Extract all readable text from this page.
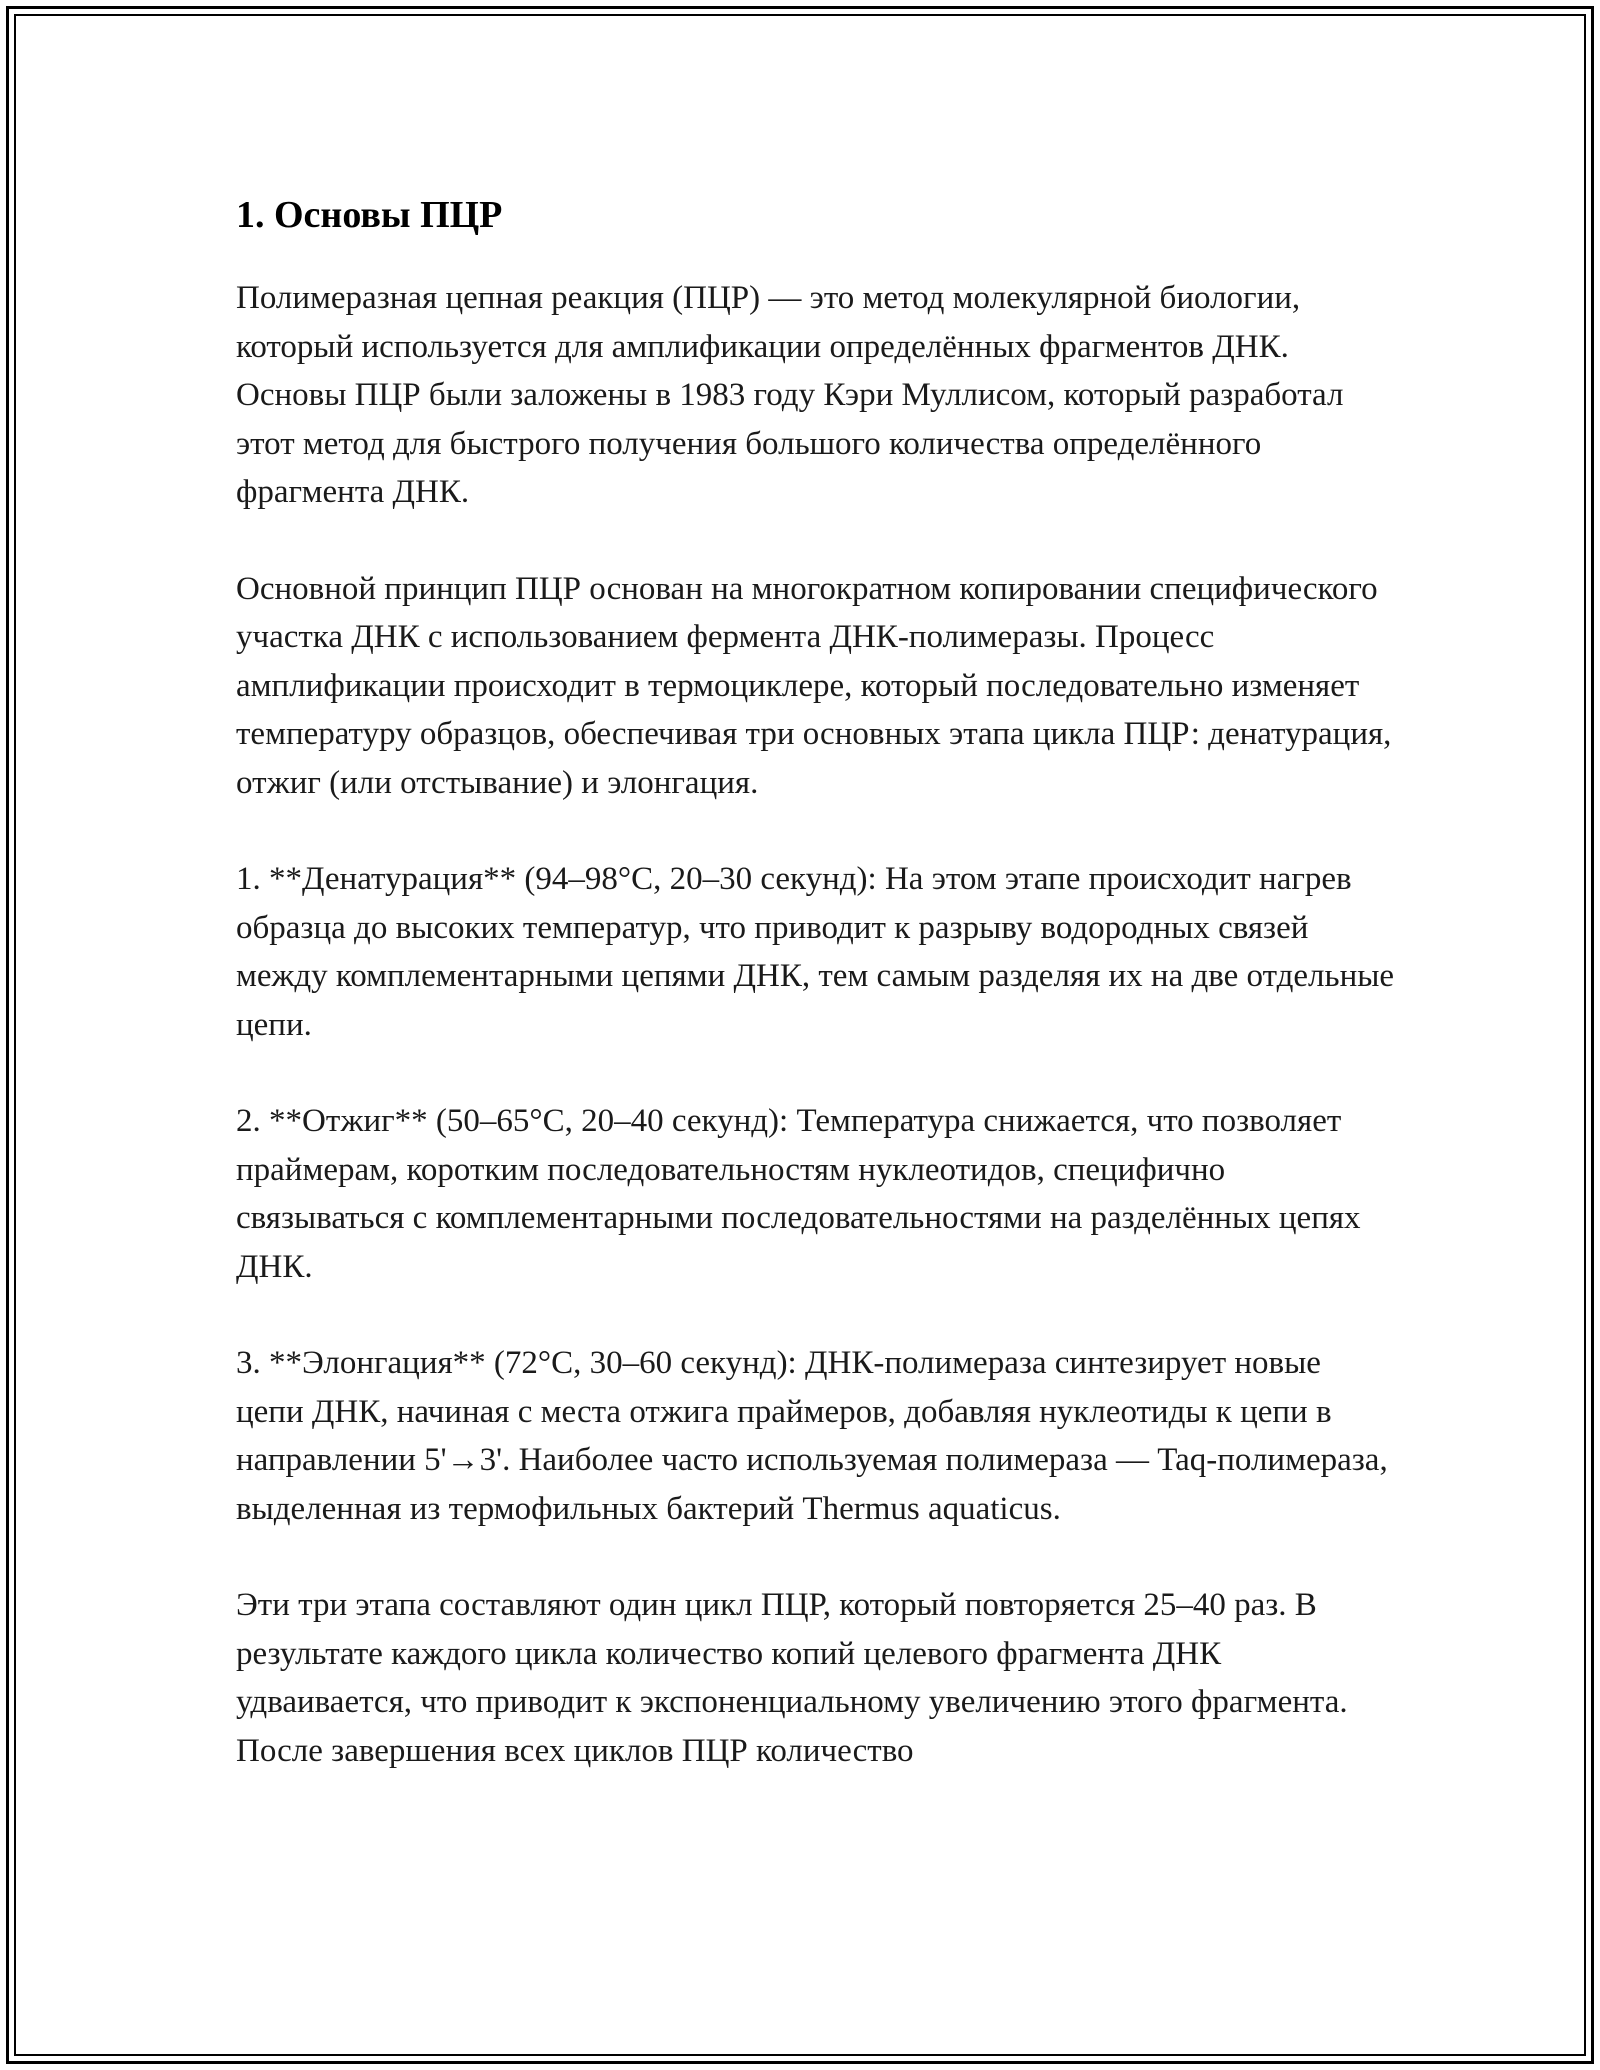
1. Основы ПЦР

Полимеразная цепная реакция (ПЦР) — это метод молекулярной биологии, который используется для амплификации определённых фрагментов ДНК. Основы ПЦР были заложены в 1983 году Кэри Муллисом, который разработал этот метод для быстрого получения большого количества определённого фрагмента ДНК.

Основной принцип ПЦР основан на многократном копировании специфического участка ДНК с использованием фермента ДНК-полимеразы. Процесс амплификации происходит в термоциклере, который последовательно изменяет температуру образцов, обеспечивая три основных этапа цикла ПЦР: денатурация, отжиг (или отстывание) и элонгация.

1. **Денатурация** (94–98°C, 20–30 секунд): На этом этапе происходит нагрев образца до высоких температур, что приводит к разрыву водородных связей между комплементарными цепями ДНК, тем самым разделяя их на две отдельные цепи.

2. **Отжиг** (50–65°C, 20–40 секунд): Температура снижается, что позволяет праймерам, коротким последовательностям нуклеотидов, специфично связываться с комплементарными последовательностями на разделённых цепях ДНК.

3. **Элонгация** (72°C, 30–60 секунд): ДНК-полимераза синтезирует новые цепи ДНК, начиная с места отжига праймеров, добавляя нуклеотиды к цепи в направлении 5'→3'. Наиболее часто используемая полимераза — Taq-полимераза, выделенная из термофильных бактерий Thermus aquaticus.

Эти три этапа составляют один цикл ПЦР, который повторяется 25–40 раз. В результате каждого цикла количество копий целевого фрагмента ДНК удваивается, что приводит к экспоненциальному увеличению этого фрагмента. После завершения всех циклов ПЦР количество
